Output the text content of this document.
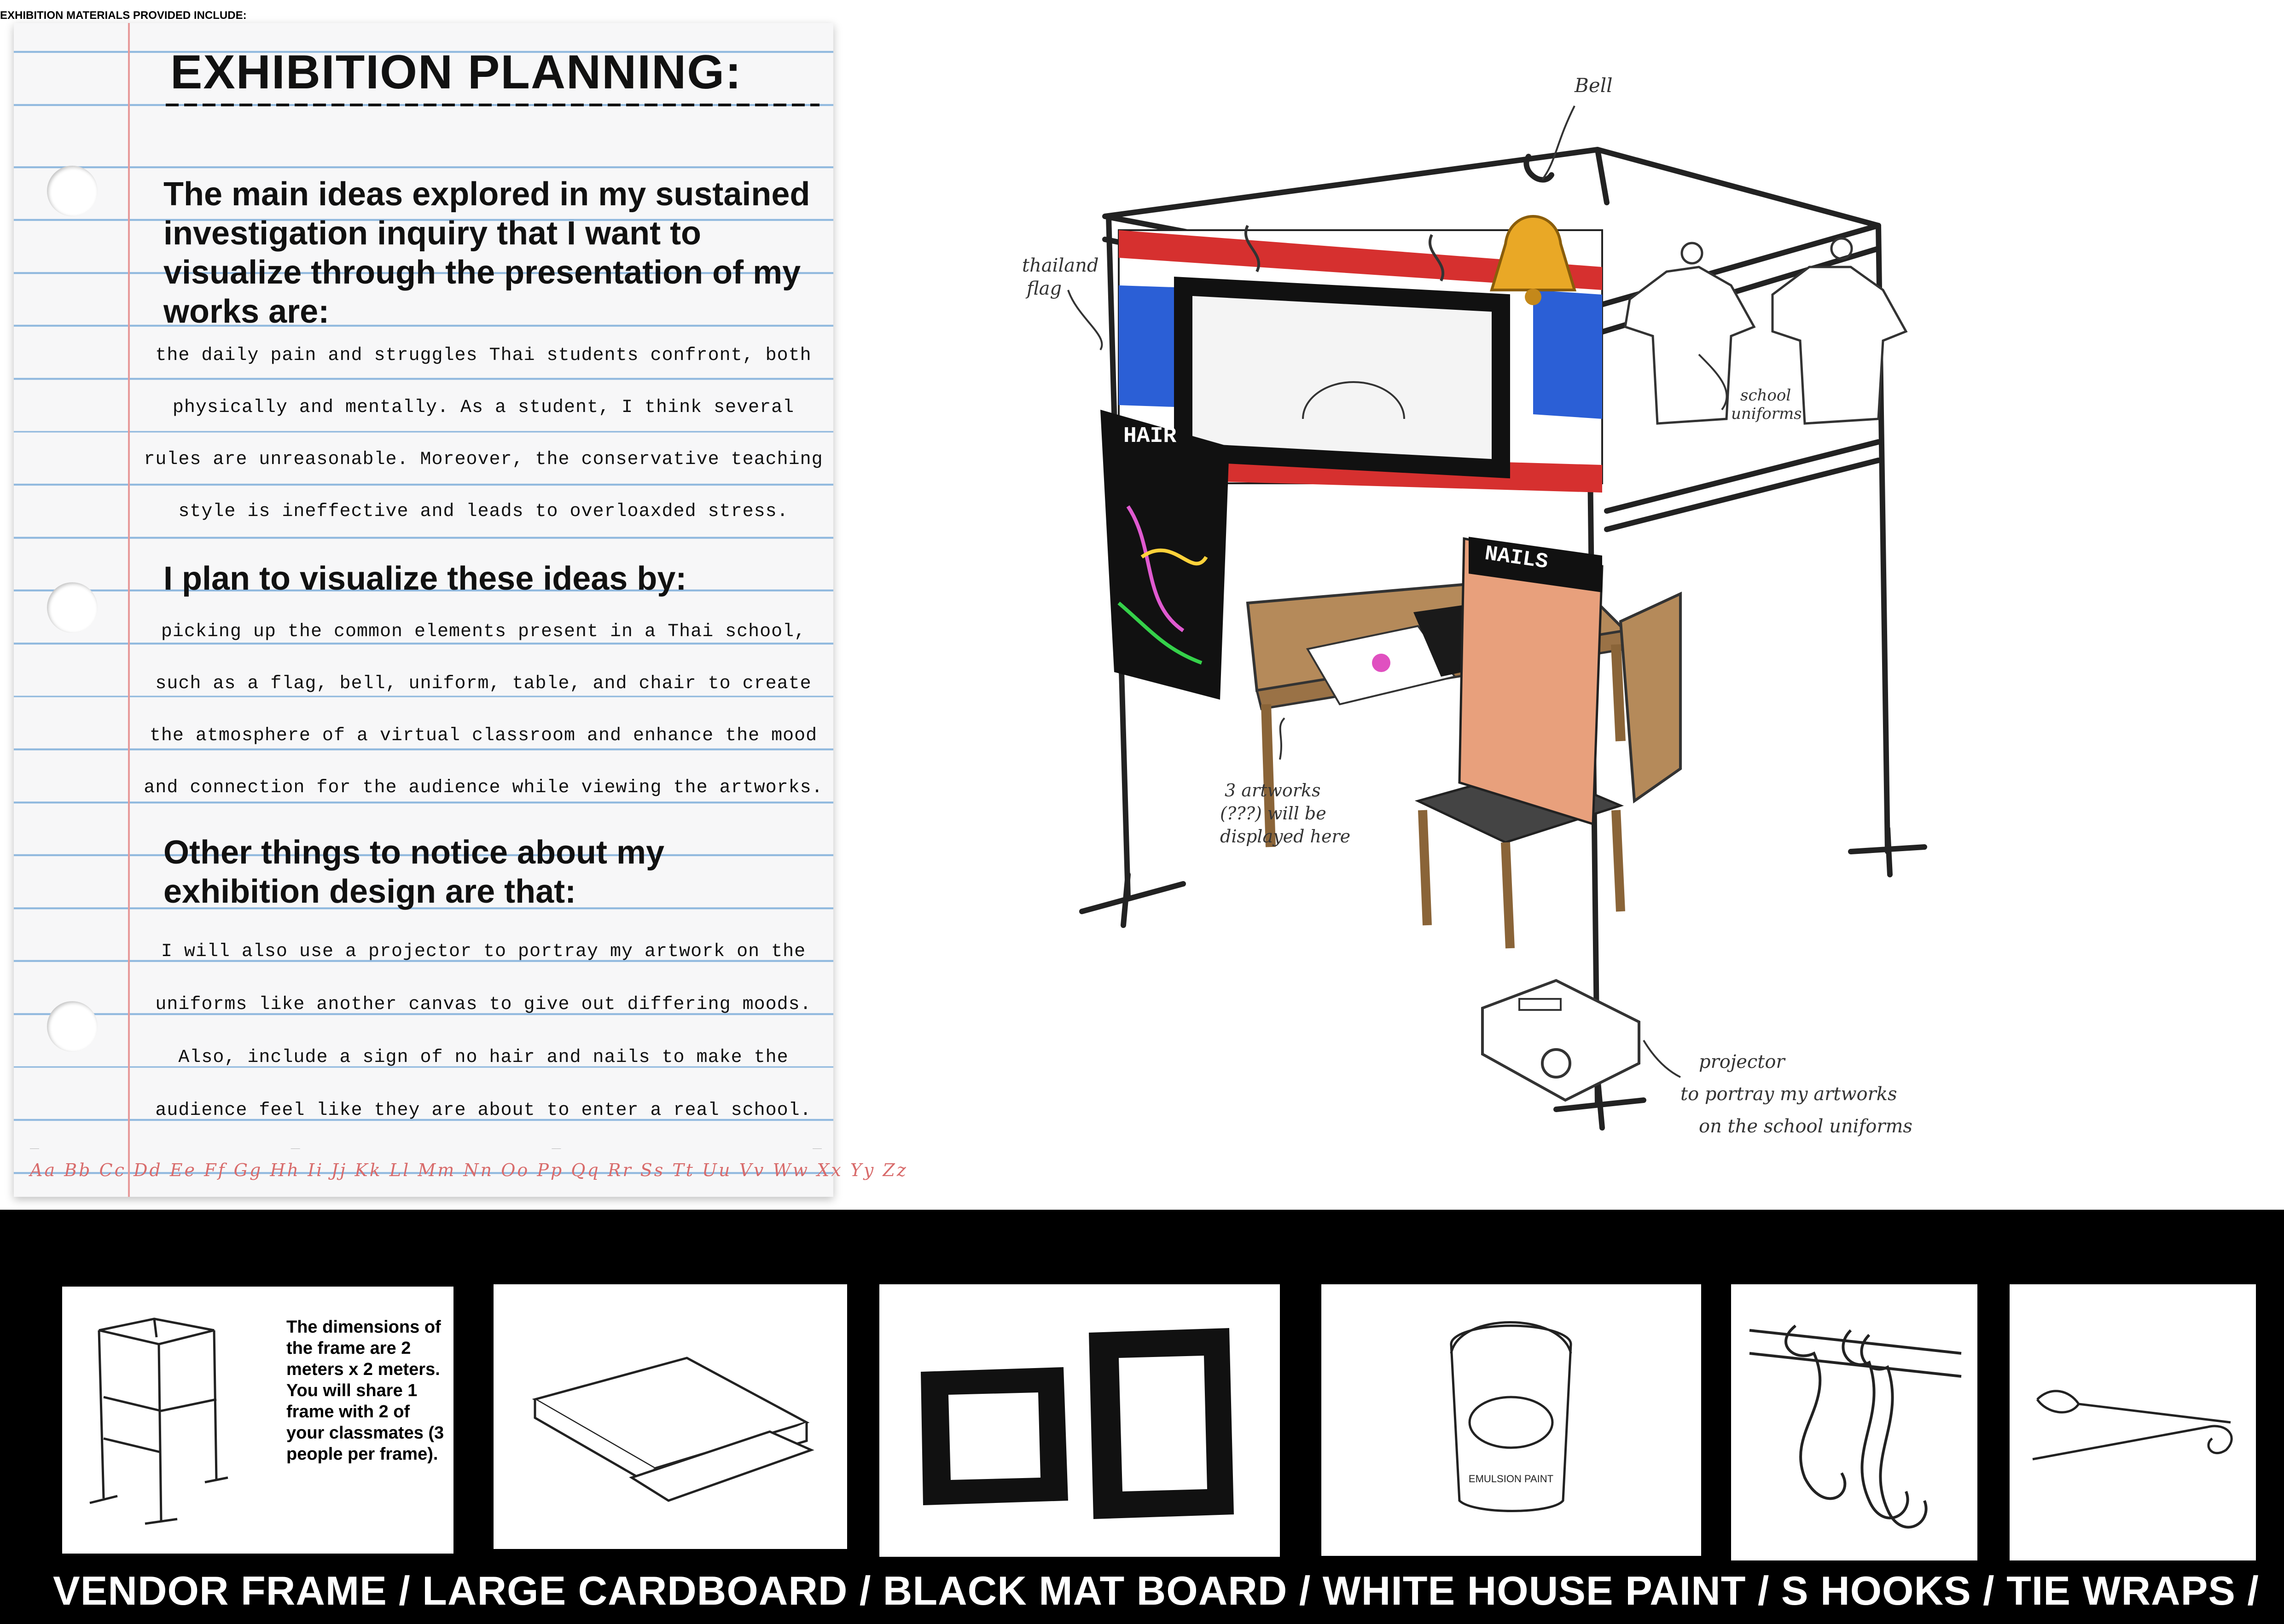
EXHIBITION PLANNING:

The main ideas explored in my sustained investigation inquiry that I want to visualize through the presentation of my works are:

the daily pain and struggles Thai students confront, both
physically and mentally. As a student, I think several
rules are unreasonable. Moreover, the conservative teaching
style is ineffective and leads to overloaxded stress.

I plan to visualize these ideas by:

picking up the common elements present in a Thai school,
such as a flag, bell, uniform, table, and chair to create
the atmosphere of a virtual classroom and enhance the mood
and connection for the audience while viewing the artworks.

Other things to notice about my exhibition design are that:

I will also use a projector to portray my artwork on the
uniforms like another canvas to give out differing moods.
Also, include a sign of no hair and nails to make the
audience feel like they are about to enter a real school.
——	——	——	——
Aa Bb Cc Dd Ee Ff Gg Hh Ii Jj Kk Ll Mm Nn Oo Pp Qq Rr Ss Tt Uu Vv Ww Xx Yy Zz
HAIR
NAILS
Bell
thailand
flag
school
uniforms
3 artworks
(???) will be
displayed here
projector
to portray my artworks
on the school uniforms
EXHIBITION MATERIALS PROVIDED INCLUDE:
The dimensions of the frame are 2 meters x 2 meters. You will share 1 frame with 2 of your classmates (3 people per frame).
EMULSION PAINT
VENDOR FRAME / LARGE CARDBOARD / BLACK MAT BOARD / WHITE HOUSE PAINT / S HOOKS / TIE WRAPS /
